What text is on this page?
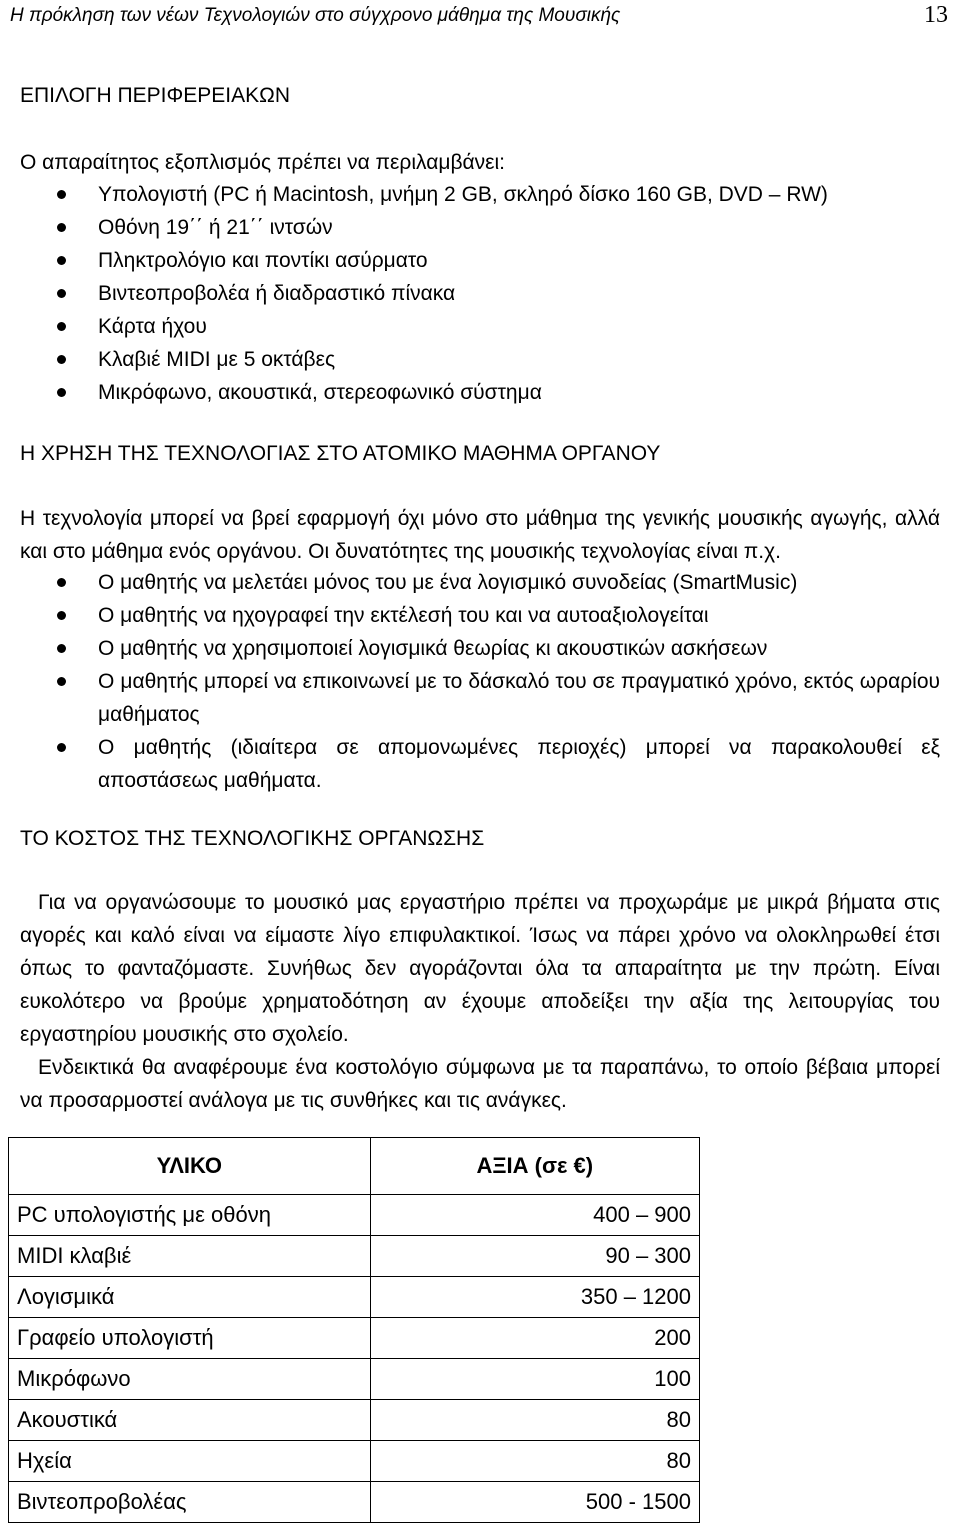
Η πρόκληση των νέων Τεχνολογιών στο σύγχρονο μάθημα της Μουσικής	13
ΕΠΙΛΟΓΗ ΠΕΡΙΦΕΡΕΙΑΚΩΝ
Ο απαραίτητος εξοπλισμός πρέπει να περιλαμβάνει:
Υπολογιστή (PC ή Macintosh, μνήμη 2 GB, σκληρό δίσκο 160 GB, DVD – RW)
Οθόνη 19΄΄ ή 21΄΄ ιντσών
Πληκτρολόγιο και ποντίκι ασύρματο
Βιντεοπροβολέα ή διαδραστικό πίνακα
Κάρτα ήχου
Κλαβιέ MIDI με 5 οκτάβες
Μικρόφωνο, ακουστικά, στερεοφωνικό σύστημα
Η ΧΡΗΣΗ ΤΗΣ ΤΕΧΝΟΛΟΓΙΑΣ ΣΤΟ ΑΤΟΜΙΚΟ ΜΑΘΗΜΑ ΟΡΓΑΝΟΥ
Η τεχνολογία μπορεί να βρεί εφαρμογή όχι μόνο στο μάθημα της γενικής μουσικής αγωγής, αλλά και στο μάθημα ενός οργάνου. Οι δυνατότητες της μουσικής τεχνολογίας είναι π.χ.
Ο μαθητής να μελετάει μόνος του με ένα λογισμικό συνοδείας (SmartMusic)
Ο μαθητής να ηχογραφεί την εκτέλεσή του και να αυτοαξιολογείται
Ο μαθητής να χρησιμοποιεί λογισμικά θεωρίας κι ακουστικών ασκήσεων
Ο μαθητής μπορεί να επικοινωνεί με το δάσκαλό του σε πραγματικό χρόνο, εκτός ωραρίου μαθήματος
Ο μαθητής (ιδιαίτερα σε απομονωμένες περιοχές) μπορεί να παρακολουθεί εξ αποστάσεως μαθήματα.
ΤΟ ΚΟΣΤΟΣ ΤΗΣ ΤΕΧΝΟΛΟΓΙΚΗΣ ΟΡΓΑΝΩΣΗΣ
Για να οργανώσουμε το μουσικό μας εργαστήριο πρέπει να προχωράμε με μικρά βήματα στις αγορές και καλό είναι να είμαστε λίγο επιφυλακτικοί. Ίσως να πάρει χρόνο να ολοκληρωθεί έτσι όπως το φανταζόμαστε. Συνήθως δεν αγοράζονται όλα τα απαραίτητα με την πρώτη. Είναι ευκολότερο να βρούμε χρηματοδότηση αν έχουμε αποδείξει την αξία της λειτουργίας του εργαστηρίου μουσικής στο σχολείο.
Ενδεικτικά θα αναφέρουμε ένα κοστολόγιο σύμφωνα με τα παραπάνω, το οποίο βέβαια μπορεί να προσαρμοστεί ανάλογα με τις συνθήκες και τις ανάγκες.
ΥΛΙΚΟ	ΑΞΙΑ (σε €)
PC υπολογιστής με οθόνη	400 – 900
MIDI κλαβιέ	90 – 300
Λογισμικά	350 – 1200
Γραφείο υπολογιστή	200
Μικρόφωνο	100
Ακουστικά	80
Ηχεία	80
Βιντεοπροβολέας	500 - 1500
